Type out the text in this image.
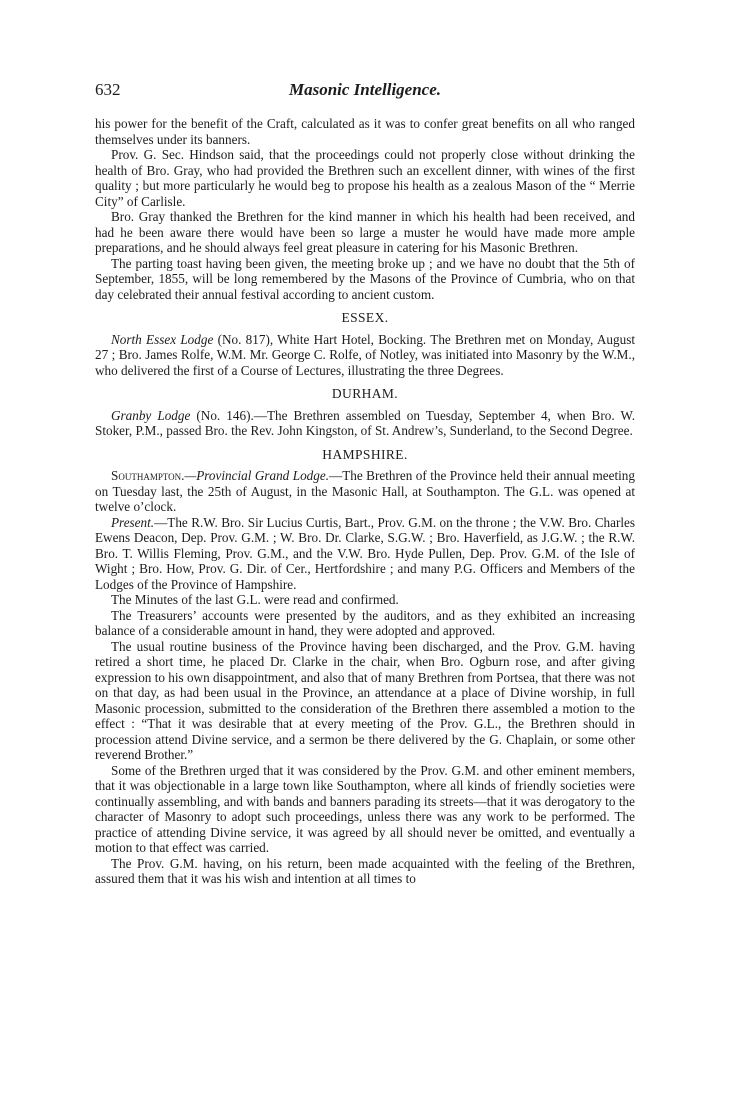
632	Masonic Intelligence.

his power for the benefit of the Craft, calculated as it was to confer great benefits on all who ranged themselves under its banners.

Prov. G. Sec. Hindson said, that the proceedings could not properly close without drinking the health of Bro. Gray, who had provided the Brethren such an excellent dinner, with wines of the first quality ; but more particularly he would beg to propose his health as a zealous Mason of the “ Merrie City” of Carlisle.

Bro. Gray thanked the Brethren for the kind manner in which his health had been received, and had he been aware there would have been so large a muster he would have made more ample preparations, and he should always feel great pleasure in catering for his Masonic Brethren.

The parting toast having been given, the meeting broke up ; and we have no doubt that the 5th of September, 1855, will be long remembered by the Masons of the Province of Cumbria, who on that day celebrated their annual festival according to ancient custom.

ESSEX.

North Essex Lodge (No. 817), White Hart Hotel, Bocking. The Brethren met on Monday, August 27 ; Bro. James Rolfe, W.M. Mr. George C. Rolfe, of Notley, was initiated into Masonry by the W.M., who delivered the first of a Course of Lectures, illustrating the three Degrees.

DURHAM.

Granby Lodge (No. 146).—The Brethren assembled on Tuesday, September 4, when Bro. W. Stoker, P.M., passed Bro. the Rev. John Kingston, of St. Andrew’s, Sunderland, to the Second Degree.

HAMPSHIRE.

Southampton.—Provincial Grand Lodge.—The Brethren of the Province held their annual meeting on Tuesday last, the 25th of August, in the Masonic Hall, at Southampton. The G.L. was opened at twelve o’clock.

Present.—The R.W. Bro. Sir Lucius Curtis, Bart., Prov. G.M. on the throne ; the V.W. Bro. Charles Ewens Deacon, Dep. Prov. G.M. ; W. Bro. Dr. Clarke, S.G.W. ; Bro. Haverfield, as J.G.W. ; the R.W. Bro. T. Willis Fleming, Prov. G.M., and the V.W. Bro. Hyde Pullen, Dep. Prov. G.M. of the Isle of Wight ; Bro. How, Prov. G. Dir. of Cer., Hertfordshire ; and many P.G. Officers and Members of the Lodges of the Province of Hampshire.

The Minutes of the last G.L. were read and confirmed.

The Treasurers’ accounts were presented by the auditors, and as they exhibited an increasing balance of a considerable amount in hand, they were adopted and approved.

The usual routine business of the Province having been discharged, and the Prov. G.M. having retired a short time, he placed Dr. Clarke in the chair, when Bro. Ogburn rose, and after giving expression to his own disappointment, and also that of many Brethren from Portsea, that there was not on that day, as had been usual in the Province, an attendance at a place of Divine worship, in full Masonic procession, submitted to the consideration of the Brethren there assembled a motion to the effect : “That it was desirable that at every meeting of the Prov. G.L., the Brethren should in procession attend Divine service, and a sermon be there delivered by the G. Chaplain, or some other reverend Brother.”

Some of the Brethren urged that it was considered by the Prov. G.M. and other eminent members, that it was objectionable in a large town like Southampton, where all kinds of friendly societies were continually assembling, and with bands and banners parading its streets—that it was derogatory to the character of Masonry to adopt such proceedings, unless there was any work to be performed. The practice of attending Divine service, it was agreed by all should never be omitted, and eventually a motion to that effect was carried.

The Prov. G.M. having, on his return, been made acquainted with the feeling of the Brethren, assured them that it was his wish and intention at all times to
